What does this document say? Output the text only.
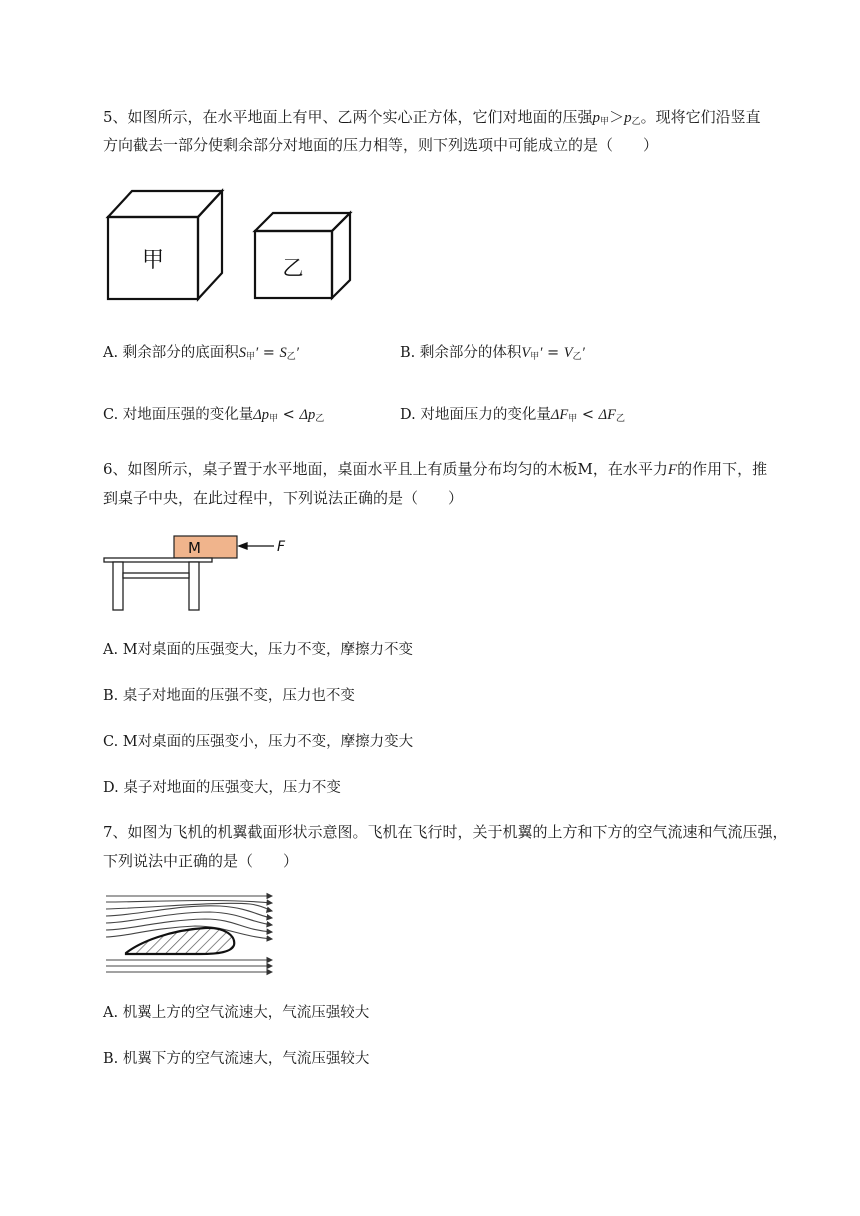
5、如图所示，在水平地面上有甲、乙两个实心正方体，它们对地面的压强$p_甲>p_乙$。现将它们沿竖直
方向截去一部分使剩余部分对地面的压力相等，则下列选项中可能成立的是（　　）
甲	乙
A. 剩余部分的底面积$S_甲' = S_乙'$	B. 剩余部分的体积$V_甲' = V_乙'$
C. 对地面压强的变化量$\Delta p_甲 < \Delta p_乙$	D. 对地面压力的变化量$\Delta F_甲 < \Delta F_乙$
6、如图所示，桌子置于水平地面，桌面水平且上有质量分布均匀的木板M，在水平力F的作用下，推
到桌子中央，在此过程中，下列说法正确的是（　　）
M	F
A. M对桌面的压强变大，压力不变，摩擦力不变
B. 桌子对地面的压强不变，压力也不变
C. M对桌面的压强变小，压力不变，摩擦力变大
D. 桌子对地面的压强变大，压力不变
7、如图为飞机的机翼截面形状示意图。飞机在飞行时，关于机翼的上方和下方的空气流速和气流压强，
下列说法中正确的是（　　）
A. 机翼上方的空气流速大，气流压强较大
B. 机翼下方的空气流速大，气流压强较大
